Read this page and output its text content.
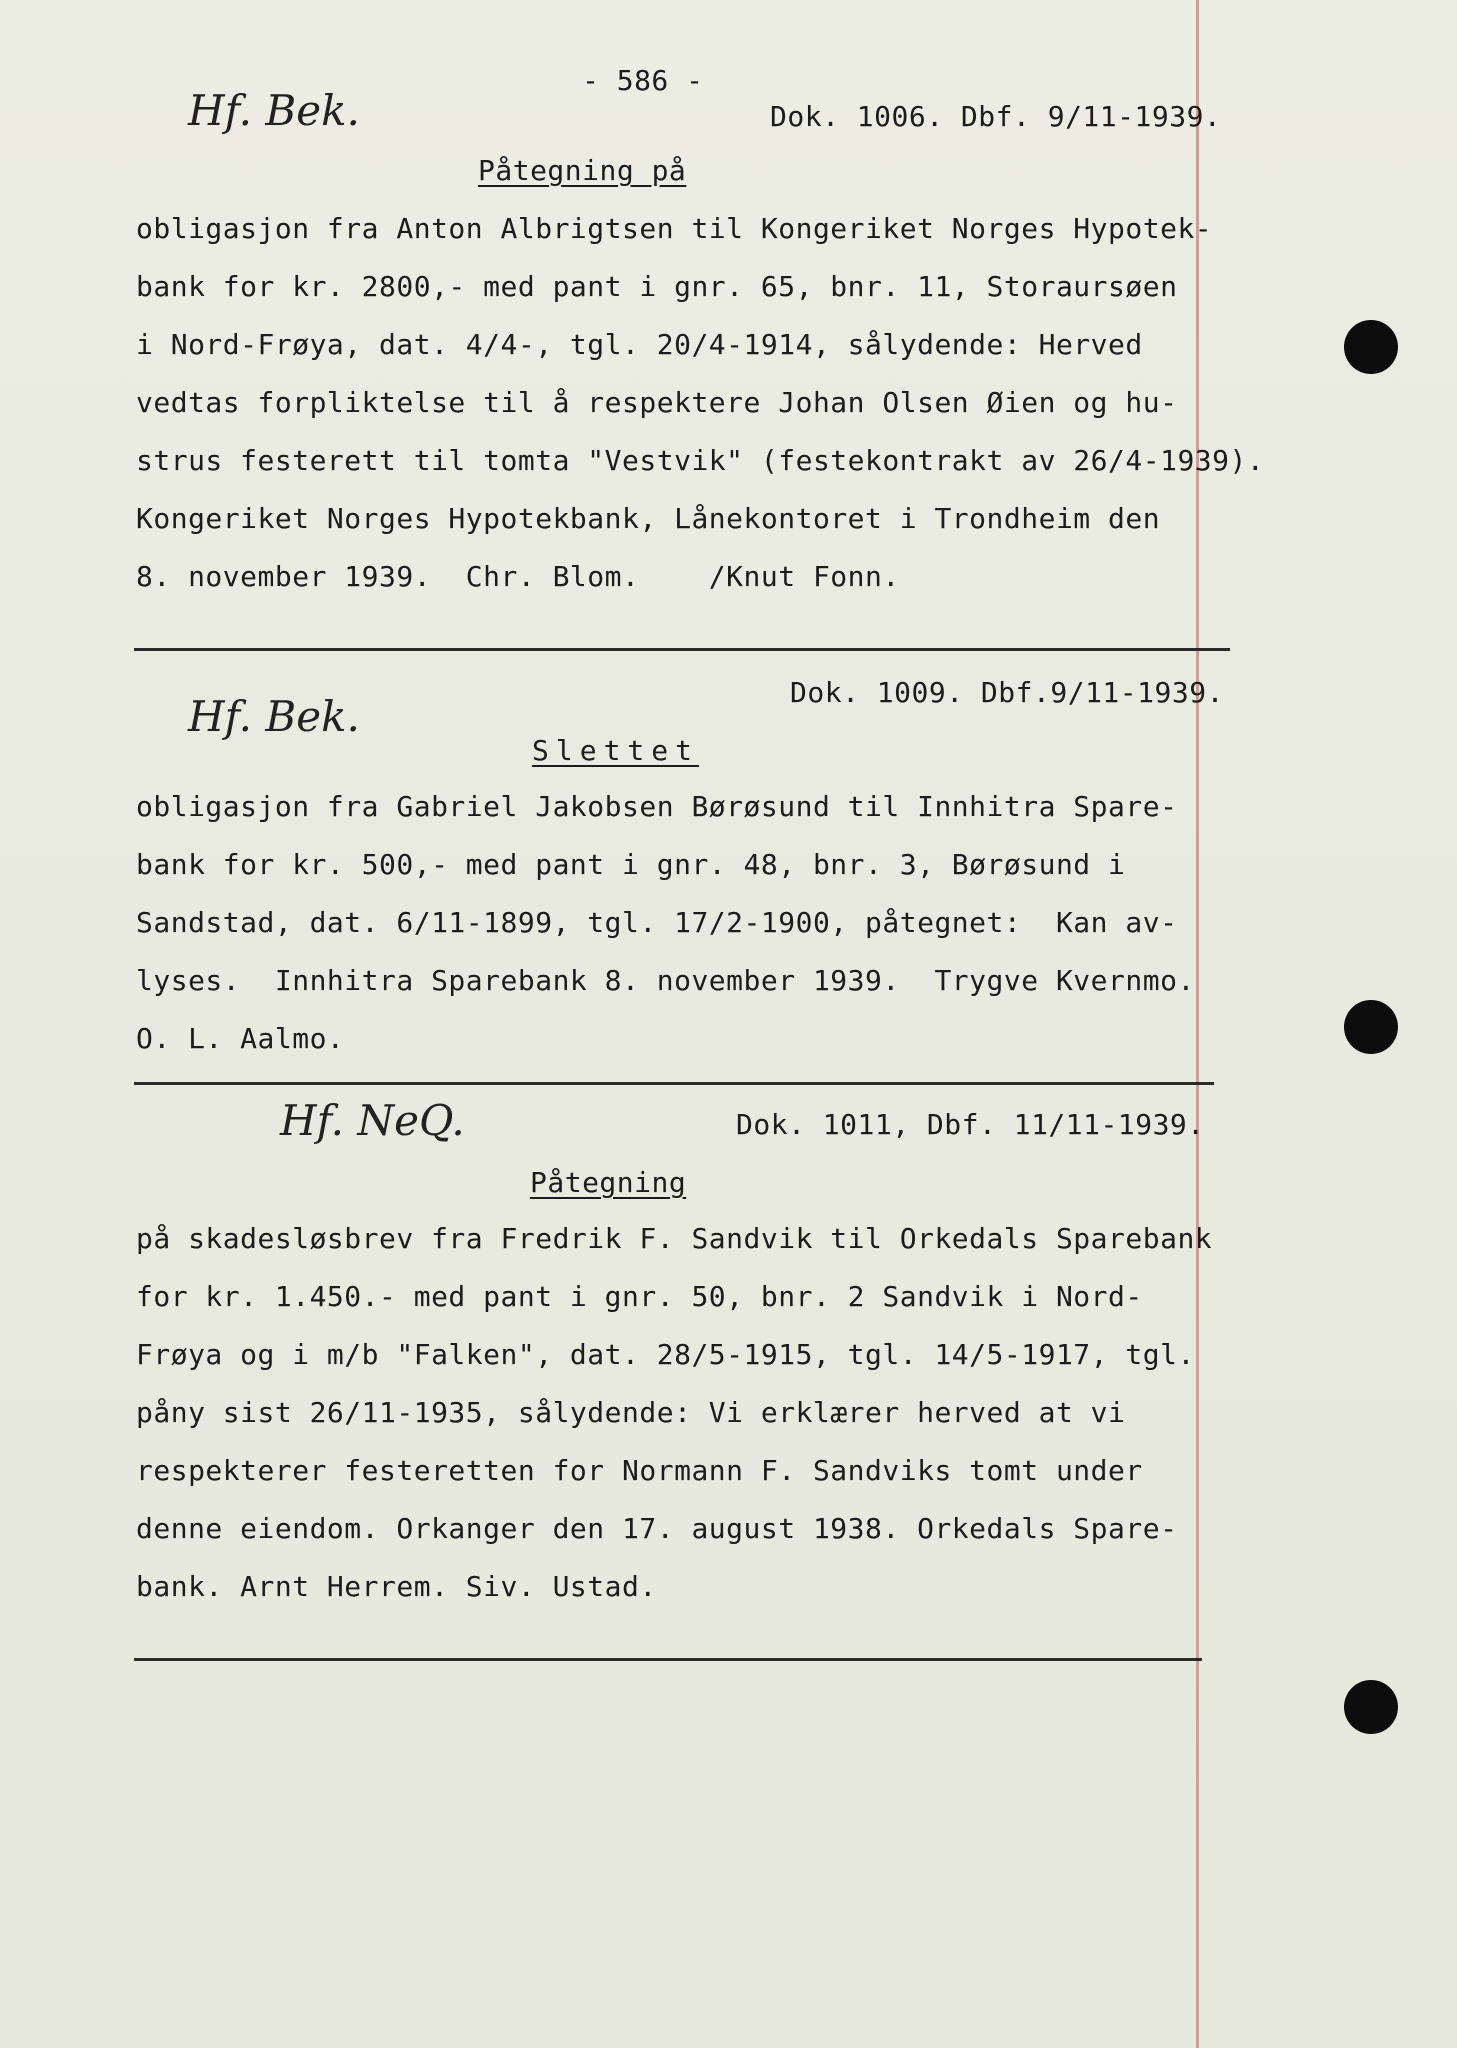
- 586 -
Hf. Bek.	Dok. 1006. Dbf. 9/11-1939.
Påtegning på
obligasjon fra Anton Albrigtsen til Kongeriket Norges Hypotek-
bank for kr. 2800,- med pant i gnr. 65, bnr. 11, Storaursøen
i Nord-Frøya, dat. 4/4-, tgl. 20/4-1914, sålydende: Herved
vedtas forpliktelse til å respektere Johan Olsen Øien og hu-
strus festerett til tomta "Vestvik" (festekontrakt av 26/4-1939).
Kongeriket Norges Hypotekbank, Lånekontoret i Trondheim den
8. november 1939.  Chr. Blom.    /Knut Fonn.
Hf. Bek.	Dok. 1009. Dbf.9/11-1939.
Slettet
obligasjon fra Gabriel Jakobsen Børøsund til Innhitra Spare-
bank for kr. 500,- med pant i gnr. 48, bnr. 3, Børøsund i
Sandstad, dat. 6/11-1899, tgl. 17/2-1900, påtegnet:  Kan av-
lyses.  Innhitra Sparebank 8. november 1939.  Trygve Kvernmo.
O. L. Aalmo.
Hf. NeQ.	Dok. 1011, Dbf. 11/11-1939.
Påtegning
på skadesløsbrev fra Fredrik F. Sandvik til Orkedals Sparebank
for kr. 1.450.- med pant i gnr. 50, bnr. 2 Sandvik i Nord-
Frøya og i m/b "Falken", dat. 28/5-1915, tgl. 14/5-1917, tgl.
påny sist 26/11-1935, sålydende: Vi erklærer herved at vi
respekterer festeretten for Normann F. Sandviks tomt under
denne eiendom. Orkanger den 17. august 1938. Orkedals Spare-
bank. Arnt Herrem. Siv. Ustad.
